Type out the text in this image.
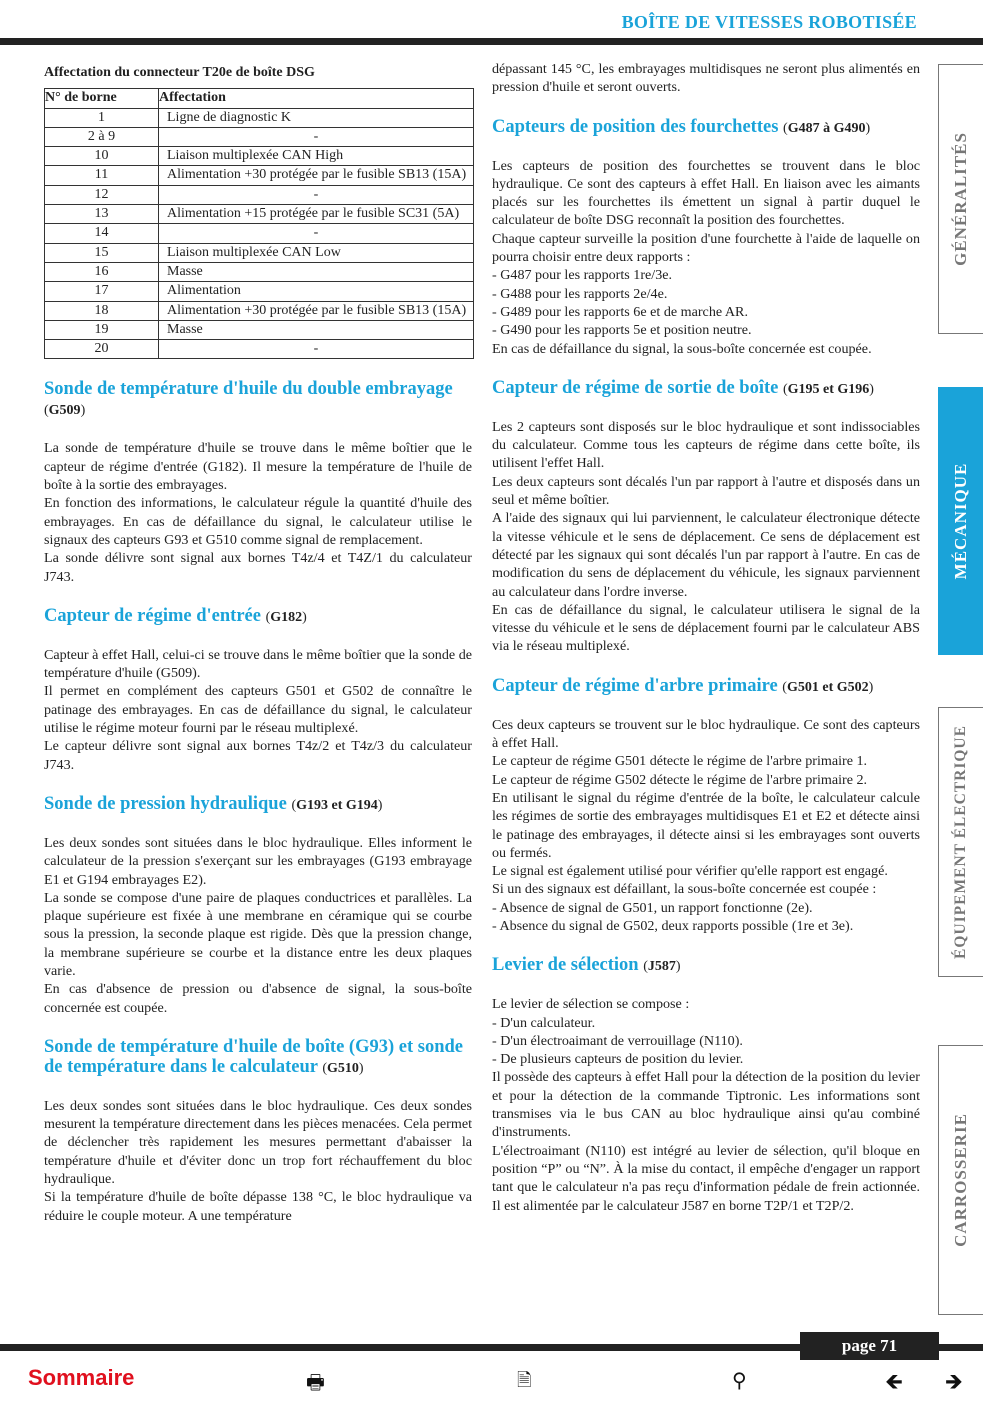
BOÎTE DE VITESSES ROBOTISÉE
Affectation du connecteur T20e de boîte DSG
N° de borne	Affectation
1	Ligne de diagnostic K
2 à 9	-
10	Liaison multiplexée CAN High
11	Alimentation +30 protégée par le fusible SB13 (15A)
12	-
13	Alimentation +15 protégée par le fusible SC31 (5A)
14	-
15	Liaison multiplexée CAN Low
16	Masse
17	Alimentation
18	Alimentation +30 protégée par le fusible SB13 (15A)
19	Masse
20	-
Sonde de température d'huile du double embrayage (G509)

La sonde de température d'huile se trouve dans le même boîtier que le capteur de régime d'entrée (G182). Il mesure la température de l'huile de boîte à la sortie des embrayages.

En fonction des informations, le calculateur régule la quantité d'huile des embrayages. En cas de défaillance du signal, le calculateur utilise le signaux des capteurs G93 et G510 comme signal de remplacement.

La sonde délivre sont signal aux bornes T4z/4 et T4Z/1 du calculateur J743.

Capteur de régime d'entrée (G182)

Capteur à effet Hall, celui-ci se trouve dans le même boîtier que la sonde de température d'huile (G509).

Il permet en complément des capteurs G501 et G502 de connaître le patinage des embrayages. En cas de défaillance du signal, le calculateur utilise le régime moteur fourni par le réseau multiplexé.

Le capteur délivre sont signal aux bornes T4z/2 et T4z/3 du calculateur J743.

Sonde de pression hydraulique (G193 et G194)

Les deux sondes sont situées dans le bloc hydraulique. Elles informent le calculateur de la pression s'exerçant sur les embrayages (G193 embrayage E1 et G194 embrayages E2).

La sonde se compose d'une paire de plaques conductrices et parallèles. La plaque supérieure est fixée à une membrane en céramique qui se courbe sous la pression, la seconde plaque est rigide. Dès que la pression change, la membrane supérieure se courbe et la distance entre les deux plaques varie.

En cas d'absence de pression ou d'absence de signal, la sous-boîte concernée est coupée.

Sonde de température d'huile de boîte (G93) et sonde de température dans le calculateur (G510)

Les deux sondes sont situées dans le bloc hydraulique. Ces deux sondes mesurent la température directement dans les pièces menacées. Cela permet de déclencher très rapidement les mesures permettant d'abaisser la température d'huile et d'éviter donc un trop fort réchauffement du bloc hydraulique.

Si la température d'huile de boîte dépasse 138 °C, le bloc hydraulique va réduire le couple moteur. A une température

dépassant 145 °C, les embrayages multidisques ne seront plus alimentés en pression d'huile et seront ouverts.

Capteurs de position des fourchettes (G487 à G490)

Les capteurs de position des fourchettes se trouvent dans le bloc hydraulique. Ce sont des capteurs à effet Hall. En liaison avec les aimants placés sur les fourchettes ils émettent un signal à partir duquel le calculateur de boîte DSG reconnaît la position des fourchettes.

Chaque capteur surveille la position d'une fourchette à l'aide de laquelle on pourra choisir entre deux rapports :

- G487 pour les rapports 1re/3e.

- G488 pour les rapports 2e/4e.

- G489 pour les rapports 6e et de marche AR.

- G490 pour les rapports 5e et position neutre.

En cas de défaillance du signal, la sous-boîte concernée est coupée.

Capteur de régime de sortie de boîte (G195 et G196)

Les 2 capteurs sont disposés sur le bloc hydraulique et sont indissociables du calculateur. Comme tous les capteurs de régime dans cette boîte, ils utilisent l'effet Hall.

Les deux capteurs sont décalés l'un par rapport à l'autre et disposés dans un seul et même boîtier.

A l'aide des signaux qui lui parviennent, le calculateur électronique détecte la vitesse véhicule et le sens de déplacement. Ce sens de déplacement est détecté par les signaux qui sont décalés l'un par rapport à l'autre. En cas de modification du sens de déplacement du véhicule, les signaux parviennent au calculateur dans l'ordre inverse.

En cas de défaillance du signal, le calculateur utilisera le signal de la vitesse du véhicule et le sens de déplacement fourni par le calculateur ABS via le réseau multiplexé.

Capteur de régime d'arbre primaire (G501 et G502)

Ces deux capteurs se trouvent sur le bloc hydraulique. Ce sont des capteurs à effet Hall.

Le capteur de régime G501 détecte le régime de l'arbre primaire 1.

Le capteur de régime G502 détecte le régime de l'arbre primaire 2.

En utilisant le signal du régime d'entrée de la boîte, le calculateur calcule les régimes de sortie des embrayages multidisques E1 et E2 et détecte ainsi le patinage des embrayages, il détecte ainsi si les embrayages sont ouverts ou fermés.

Le signal est également utilisé pour vérifier qu'elle rapport est engagé.

Si un des signaux est défaillant, la sous-boîte concernée est coupée :

- Absence de signal de G501, un rapport fonctionne (2e).

- Absence du signal de G502, deux rapports possible (1re et 3e).

Levier de sélection (J587)

Le levier de sélection se compose :

- D'un calculateur.

- D'un électroaimant de verrouillage (N110).

- De plusieurs capteurs de position du levier.

Il possède des capteurs à effet Hall pour la détection de la position du levier et pour la détection de la commande Tiptronic. Les informations sont transmises via le bus CAN au bloc hydraulique ainsi qu'au combiné d'instruments.

L'électroaimant (N110) est intégré au levier de sélection, qu'il bloque en position “P” ou “N”. À la mise du contact, il empêche d'engager un rapport tant que le calculateur n'a pas reçu d'information pédale de frein actionnée. Il est alimentée par le calculateur J587 en borne T2P/1 et T2P/2.

GÉNÉRALITÉS
MÉCANIQUE
ÉQUIPEMENT ÉLECTRIQUE
CARROSSERIE
page 71
Sommaire	🖶	🗎	⚲	🡸 🡺
